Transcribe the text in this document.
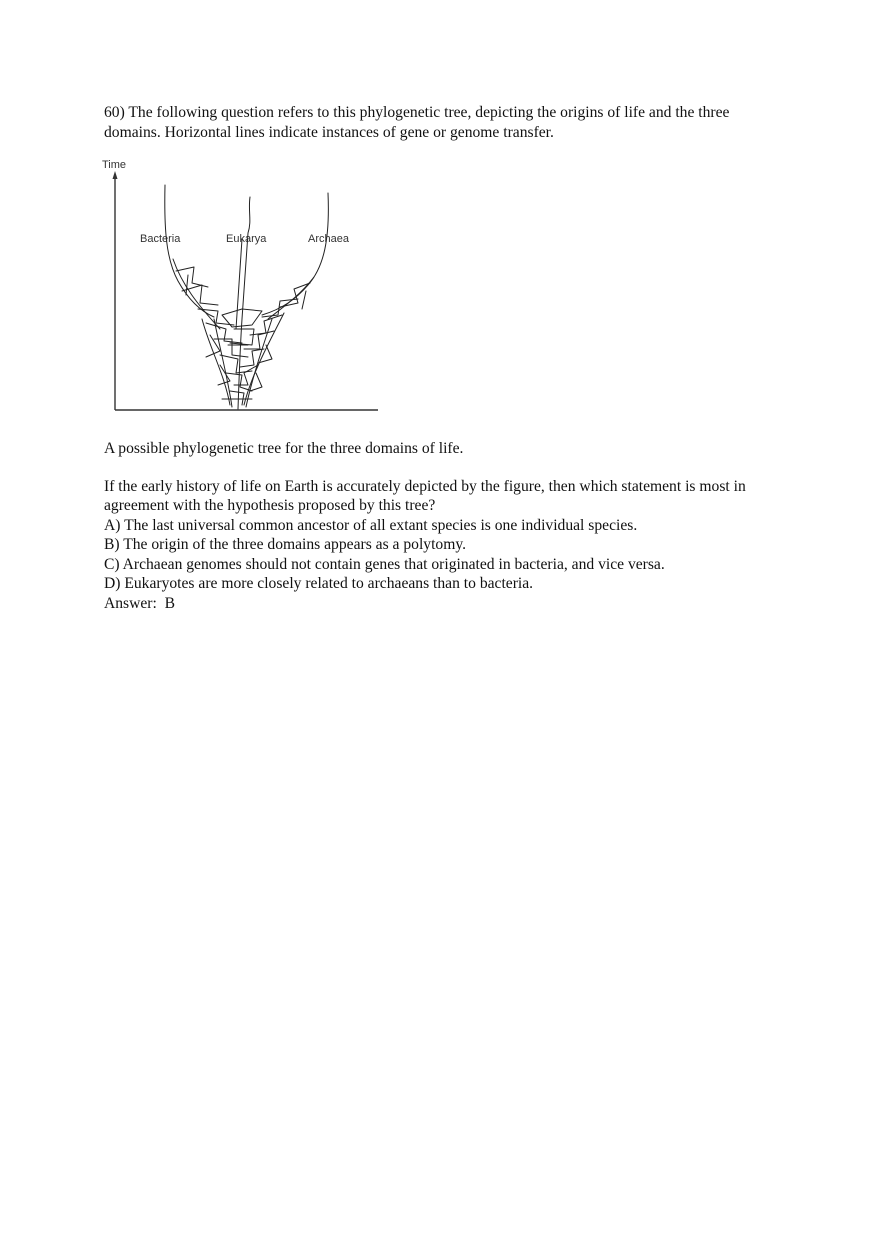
60) The following question refers to this phylogenetic tree, depicting the origins of life and the three domains. Horizontal lines indicate instances of gene or genome transfer.

Time
Bacteria	Eukarya	Archaea

A possible phylogenetic tree for the three domains of life.

If the early history of life on Earth is accurately depicted by the figure, then which statement is most in agreement with the hypothesis proposed by this tree?
A) The last universal common ancestor of all extant species is one individual species.
B) The origin of the three domains appears as a polytomy.
C) Archaean genomes should not contain genes that originated in bacteria, and vice versa.
D) Eukaryotes are more closely related to archaeans than to bacteria.
Answer: B
